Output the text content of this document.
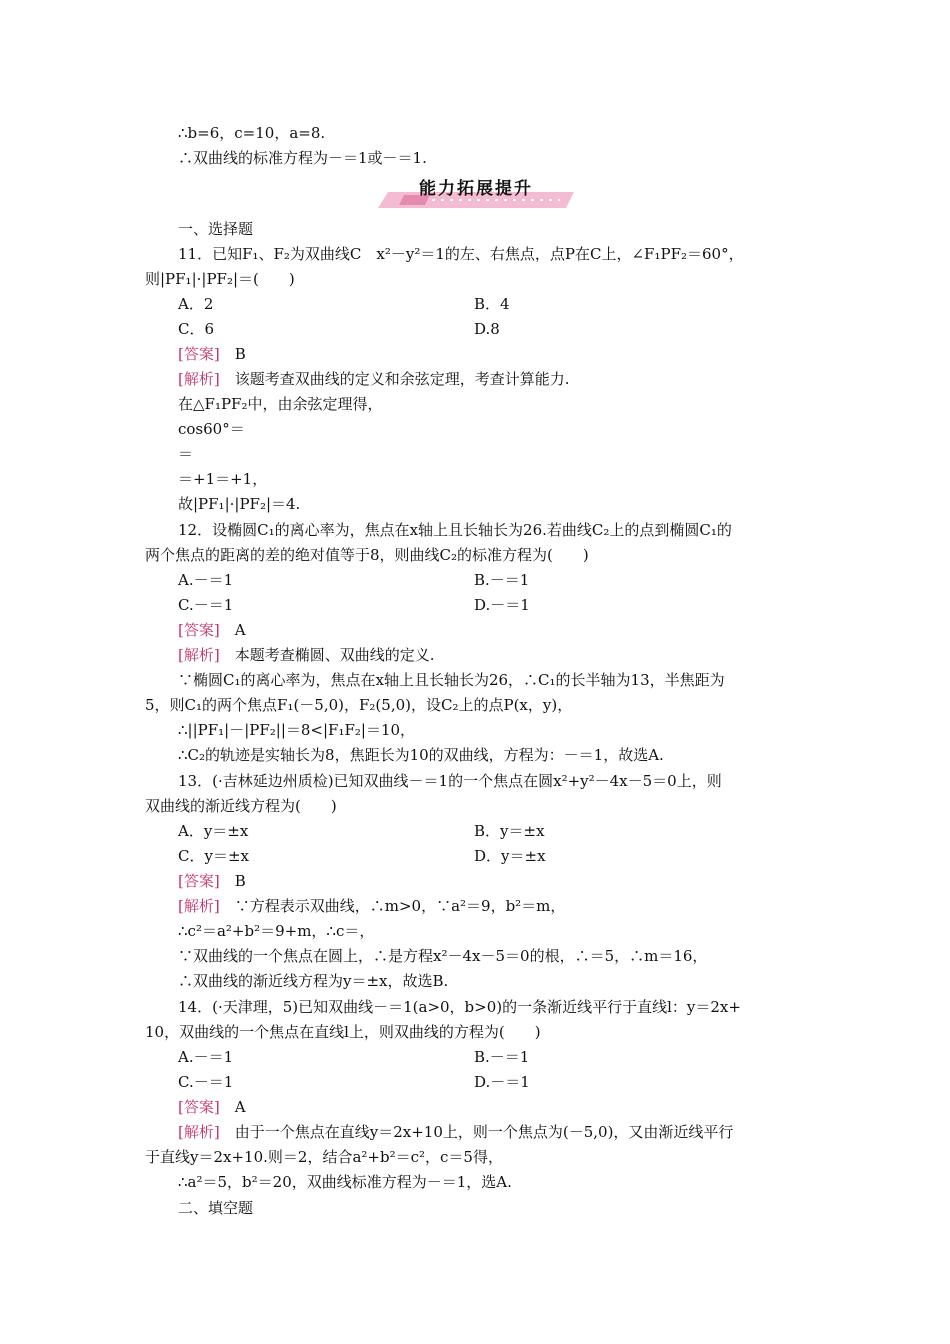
∴b=6，c=10，a=8.
∴双曲线的标准方程为－＝1或－＝1.
能力拓展提升
一、选择题
11．已知F₁、F₂为双曲线C　x²－y²＝1的左、右焦点，点P在C上，∠F₁PF₂＝60°，
则|PF₁|·|PF₂|＝(　　)
A．2	B．4
C．6	D.8
[答案]　 B
[解析]　 该题考查双曲线的定义和余弦定理，考查计算能力.
在△F₁PF₂中，由余弦定理得，
cos60°＝
＝
＝+1＝+1，
故|PF₁|·|PF₂|＝4.
12．设椭圆C₁的离心率为，焦点在x轴上且长轴长为26.若曲线C₂上的点到椭圆C₁的
两个焦点的距离的差的绝对值等于8，则曲线C₂的标准方程为(　　)
A.－＝1	B.－＝1
C.－＝1	D.－＝1
[答案]　 A
[解析]　 本题考查椭圆、双曲线的定义.
∵椭圆C₁的离心率为，焦点在x轴上且长轴长为26，∴C₁的长半轴为13，半焦距为
5，则C₁的两个焦点F₁(－5,0)，F₂(5,0)，设C₂上的点P(x，y)，
∴||PF₁|－|PF₂||＝8<|F₁F₂|＝10，
∴C₂的轨迹是实轴长为8，焦距长为10的双曲线，方程为：－＝1，故选A.
13．(·吉林延边州质检)已知双曲线－＝1的一个焦点在圆x²+y²－4x－5＝0上，则
双曲线的渐近线方程为(　　)
A．y＝±x	B．y＝±x
C．y＝±x	D．y＝±x
[答案]　 B
[解析]　 ∵方程表示双曲线，∴m>0，∵a²＝9，b²＝m，
∴c²＝a²+b²＝9+m，∴c＝，
∵双曲线的一个焦点在圆上，∴是方程x²－4x－5＝0的根，∴＝5，∴m＝16，
∴双曲线的渐近线方程为y＝±x，故选B.
14．(·天津理，5)已知双曲线－＝1(a>0，b>0)的一条渐近线平行于直线l：y＝2x+
10，双曲线的一个焦点在直线l上，则双曲线的方程为(　　)
A.－＝1	B.－＝1
C.－＝1	D.－＝1
[答案]　 A
[解析]　 由于一个焦点在直线y＝2x+10上，则一个焦点为(－5,0)，又由渐近线平行
于直线y＝2x+10.则＝2，结合a²+b²＝c²，c＝5得，
∴a²＝5，b²＝20，双曲线标准方程为－＝1，选A.
二、填空题
